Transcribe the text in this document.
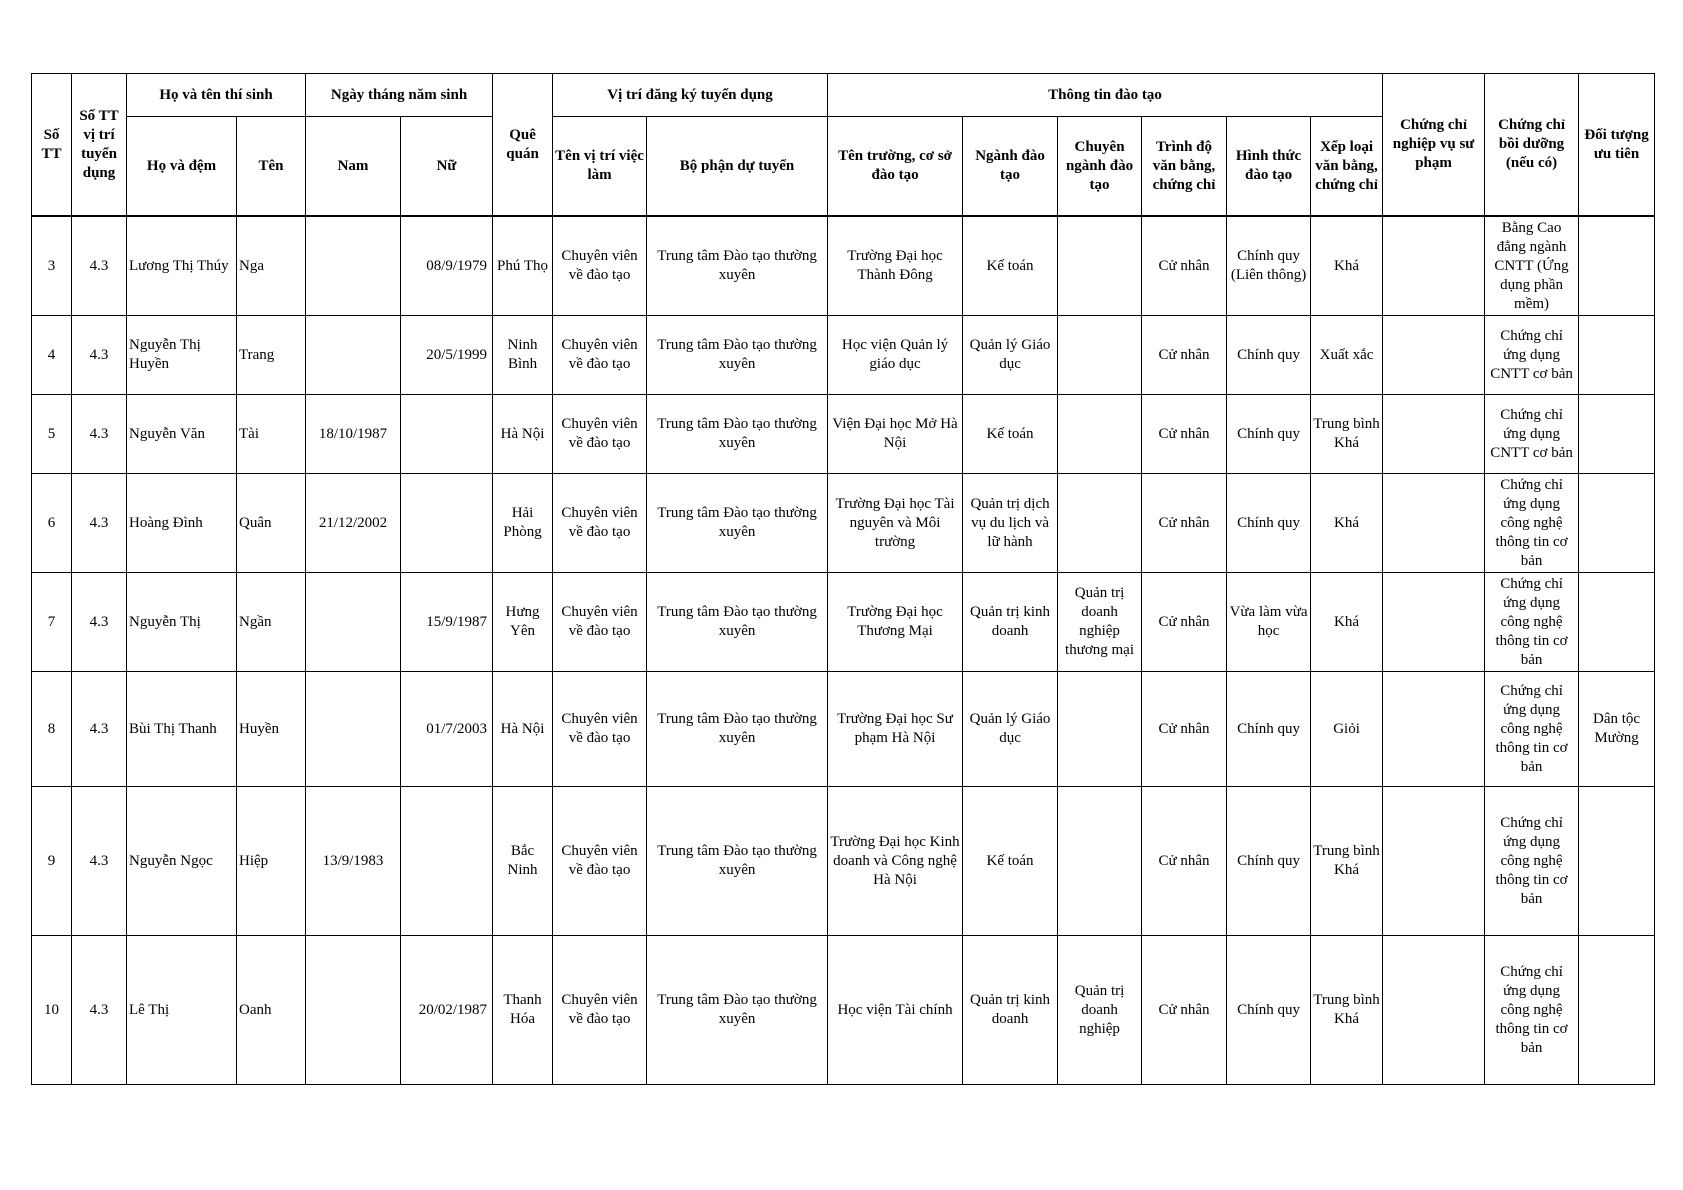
Số TT	Số TT vị trí tuyển dụng	Họ và tên thí sinh		Ngày tháng năm sinh		Quê quán	Vị trí đăng ký tuyển dụng		Thông tin đào tạo						Chứng chỉ nghiệp vụ sư phạm	Chứng chỉ bồi dưỡng (nếu có)	Đối tượng ưu tiên
		Họ và đệm	Tên	Nam	Nữ		Tên vị trí việc làm	Bộ phận dự tuyển	Tên trường, cơ sở đào tạo	Ngành đào tạo	Chuyên ngành đào tạo	Trình độ văn bằng, chứng chỉ	Hình thức đào tạo	Xếp loại văn bằng, chứng chỉ			
3	4.3	Lương Thị Thúy	Nga		08/9/1979	Phú Thọ	Chuyên viên về đào tạo	Trung tâm Đào tạo thường xuyên	Trường Đại học Thành Đông	Kế toán		Cử nhân	Chính quy (Liên thông)	Khá		Bằng Cao đẳng ngành CNTT (Ứng dụng phần mềm)	
4	4.3	Nguyễn Thị Huyền	Trang		20/5/1999	Ninh Bình	Chuyên viên về đào tạo	Trung tâm Đào tạo thường xuyên	Học viện Quản lý giáo dục	Quản lý Giáo dục		Cử nhân	Chính quy	Xuất xắc		Chứng chỉ ứng dụng CNTT cơ bản	
5	4.3	Nguyễn Văn	Tài	18/10/1987		Hà Nội	Chuyên viên về đào tạo	Trung tâm Đào tạo thường xuyên	Viện Đại học Mở Hà Nội	Kế toán		Cử nhân	Chính quy	Trung bình Khá		Chứng chỉ ứng dụng CNTT cơ bản	
6	4.3	Hoàng Đình	Quân	21/12/2002		Hải Phòng	Chuyên viên về đào tạo	Trung tâm Đào tạo thường xuyên	Trường Đại học Tài nguyên và Môi trường	Quản trị dịch vụ du lịch và lữ hành		Cử nhân	Chính quy	Khá		Chứng chỉ ứng dụng công nghệ thông tin cơ bản	
7	4.3	Nguyễn Thị	Ngần		15/9/1987	Hưng Yên	Chuyên viên về đào tạo	Trung tâm Đào tạo thường xuyên	Trường Đại học Thương Mại	Quản trị kinh doanh	Quản trị doanh nghiệp thương mại	Cử nhân	Vừa làm vừa học	Khá		Chứng chỉ ứng dụng công nghệ thông tin cơ bản	
8	4.3	Bùi Thị Thanh	Huyền		01/7/2003	Hà Nội	Chuyên viên về đào tạo	Trung tâm Đào tạo thường xuyên	Trường Đại học Sư phạm Hà Nội	Quản lý Giáo dục		Cử nhân	Chính quy	Giỏi		Chứng chỉ ứng dụng công nghệ thông tin cơ bản	Dân tộc Mường
9	4.3	Nguyễn Ngọc	Hiệp	13/9/1983		Bắc Ninh	Chuyên viên về đào tạo	Trung tâm Đào tạo thường xuyên	Trường Đại học Kinh doanh và Công nghệ Hà Nội	Kế toán		Cử nhân	Chính quy	Trung bình Khá		Chứng chỉ ứng dụng công nghệ thông tin cơ bản	
10	4.3	Lê Thị	Oanh		20/02/1987	Thanh Hóa	Chuyên viên về đào tạo	Trung tâm Đào tạo thường xuyên	Học viện Tài chính	Quản trị kinh doanh	Quản trị doanh nghiệp	Cử nhân	Chính quy	Trung bình Khá		Chứng chỉ ứng dụng công nghệ thông tin cơ bản	
